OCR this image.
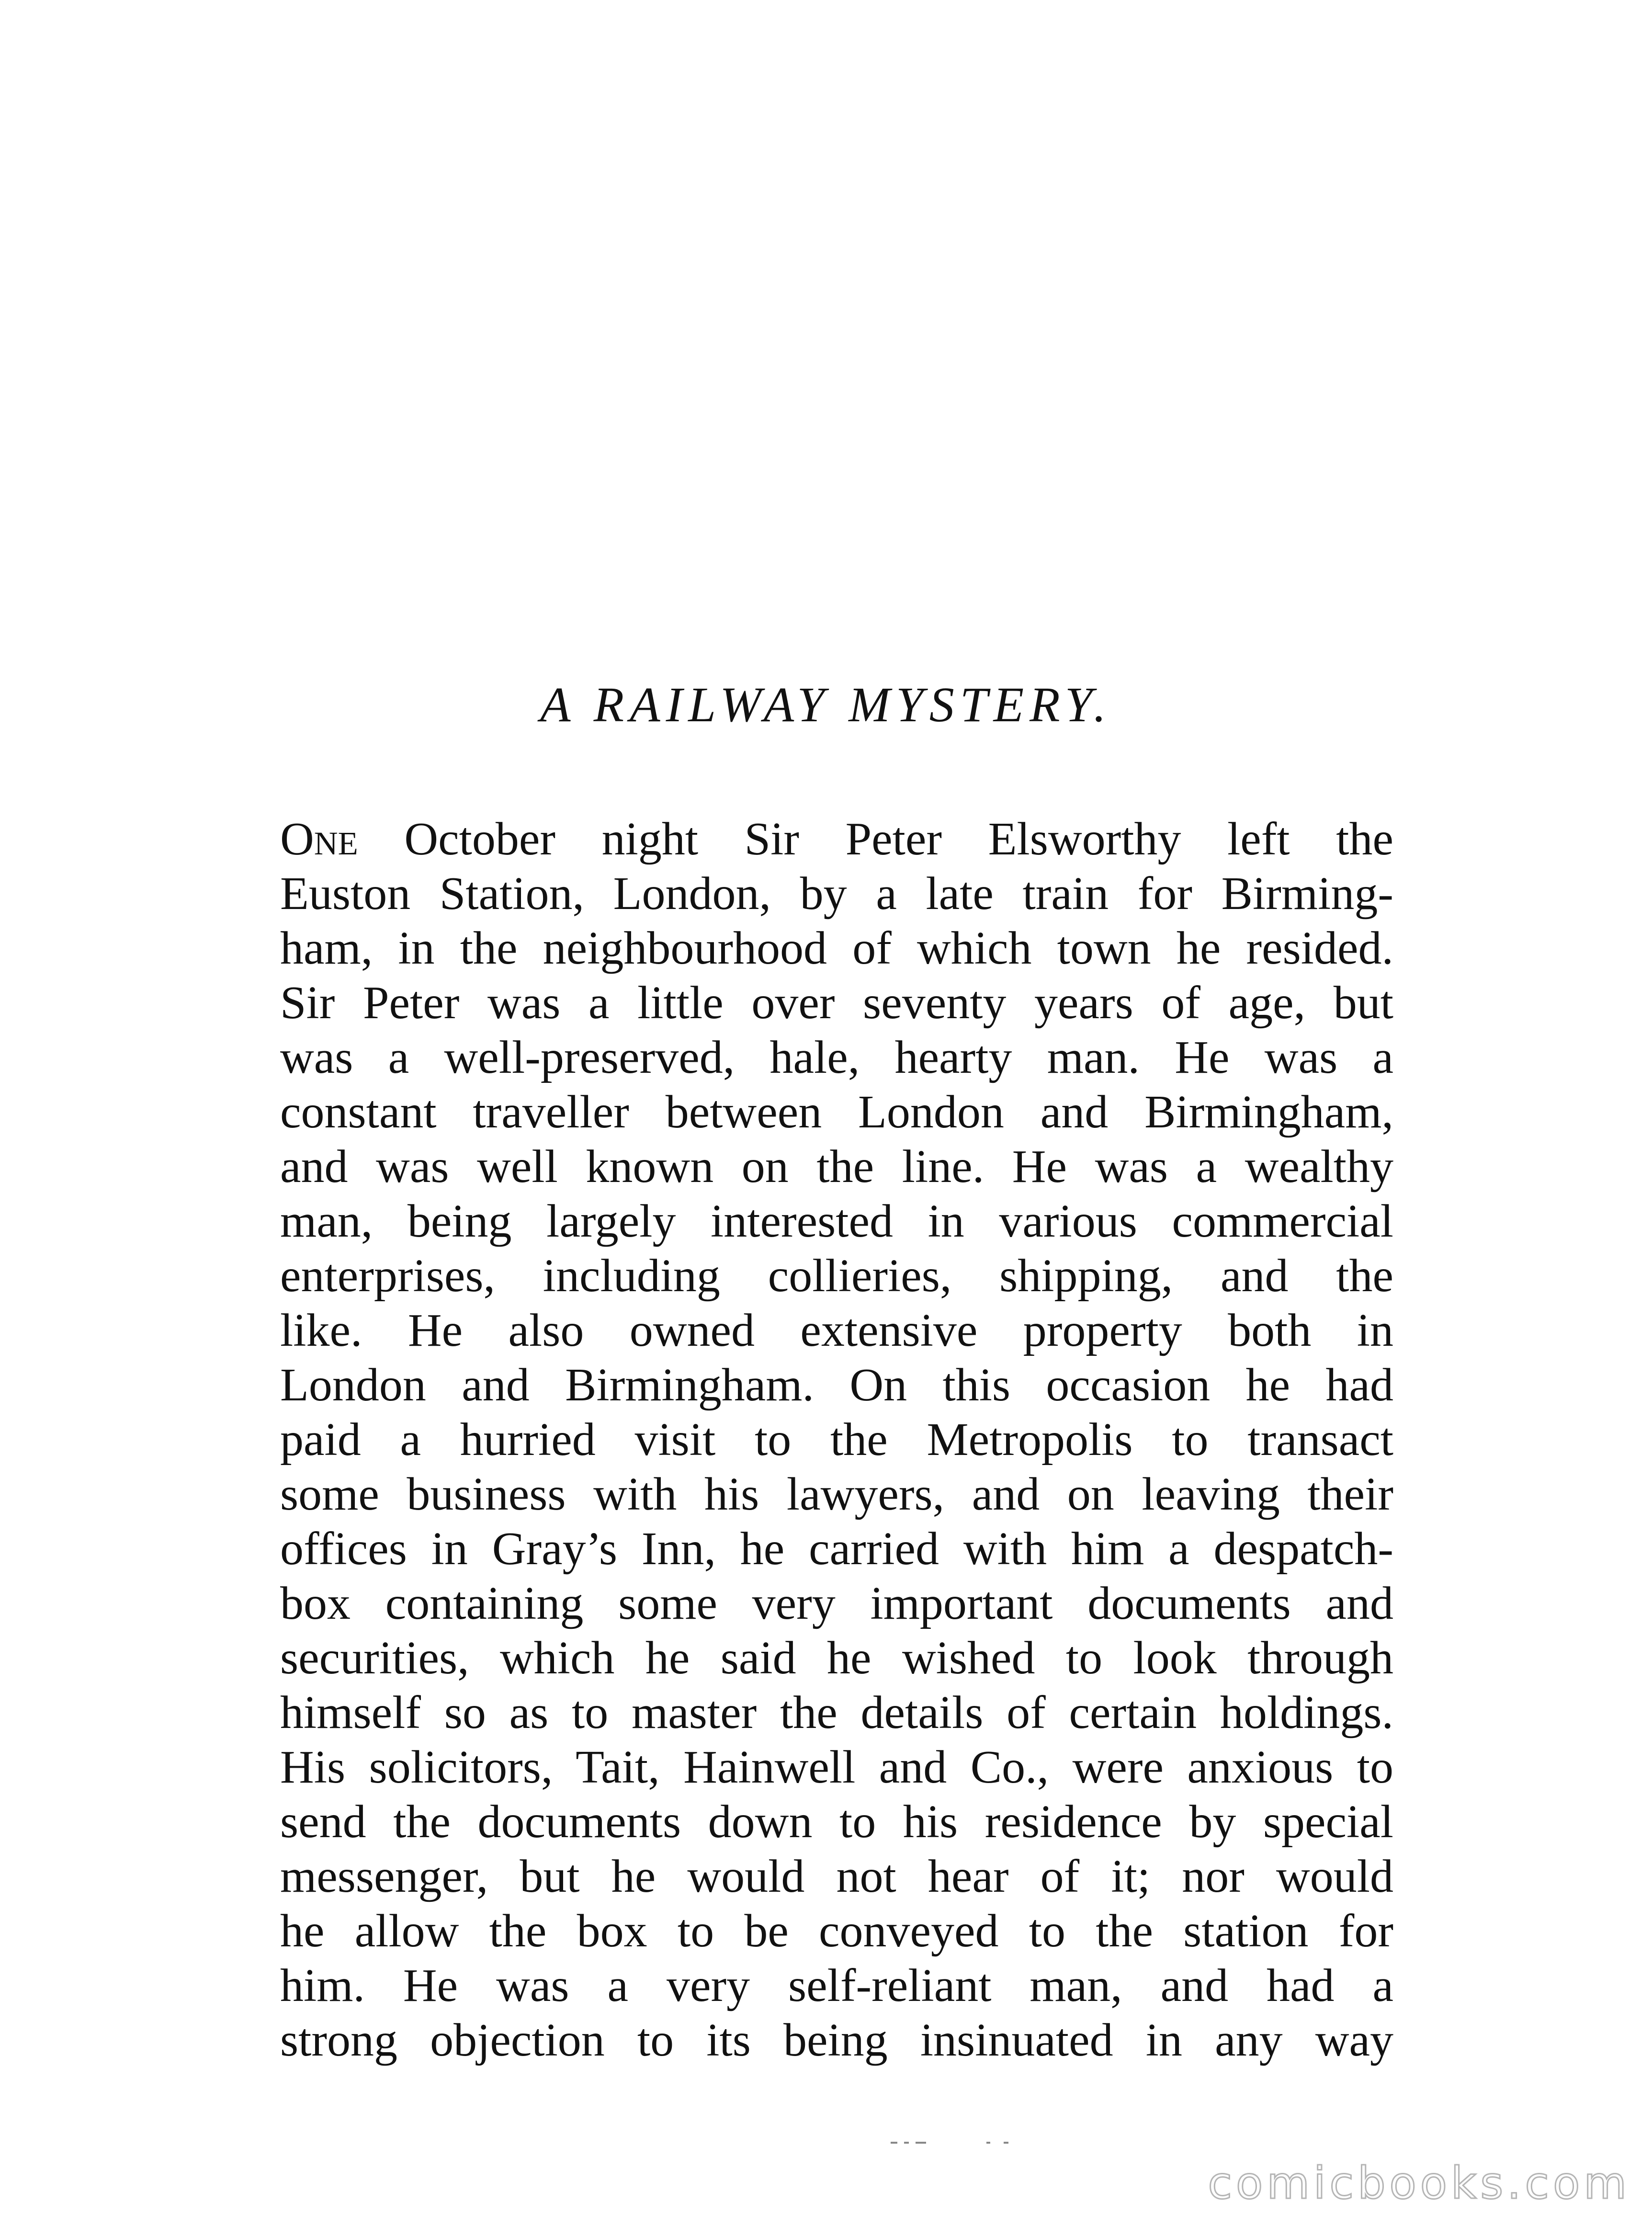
A RAILWAY MYSTERY.
One October night Sir Peter Elsworthy left the
Euston Station, London, by a late train for Birming-
ham, in the neighbourhood of which town he resided.
Sir Peter was a little over seventy years of age, but
was a well-preserved, hale, hearty man. He was a
constant traveller between London and Birmingham,
and was well known on the line. He was a wealthy
man, being largely interested in various commercial
enterprises, including collieries, shipping, and the
like. He also owned extensive property both in
London and Birmingham. On this occasion he had
paid a hurried visit to the Metropolis to transact
some business with his lawyers, and on leaving their
offices in Gray’s Inn, he carried with him a despatch-
box containing some very important documents and
securities, which he said he wished to look through
himself so as to master the details of certain holdings.
His solicitors, Tait, Hainwell and Co., were anxious to
send the documents down to his residence by special
messenger, but he would not hear of it; nor would
he allow the box to be conveyed to the station for
him. He was a very self-reliant man, and had a
strong objection to its being insinuated in any way
comicbooks.com
